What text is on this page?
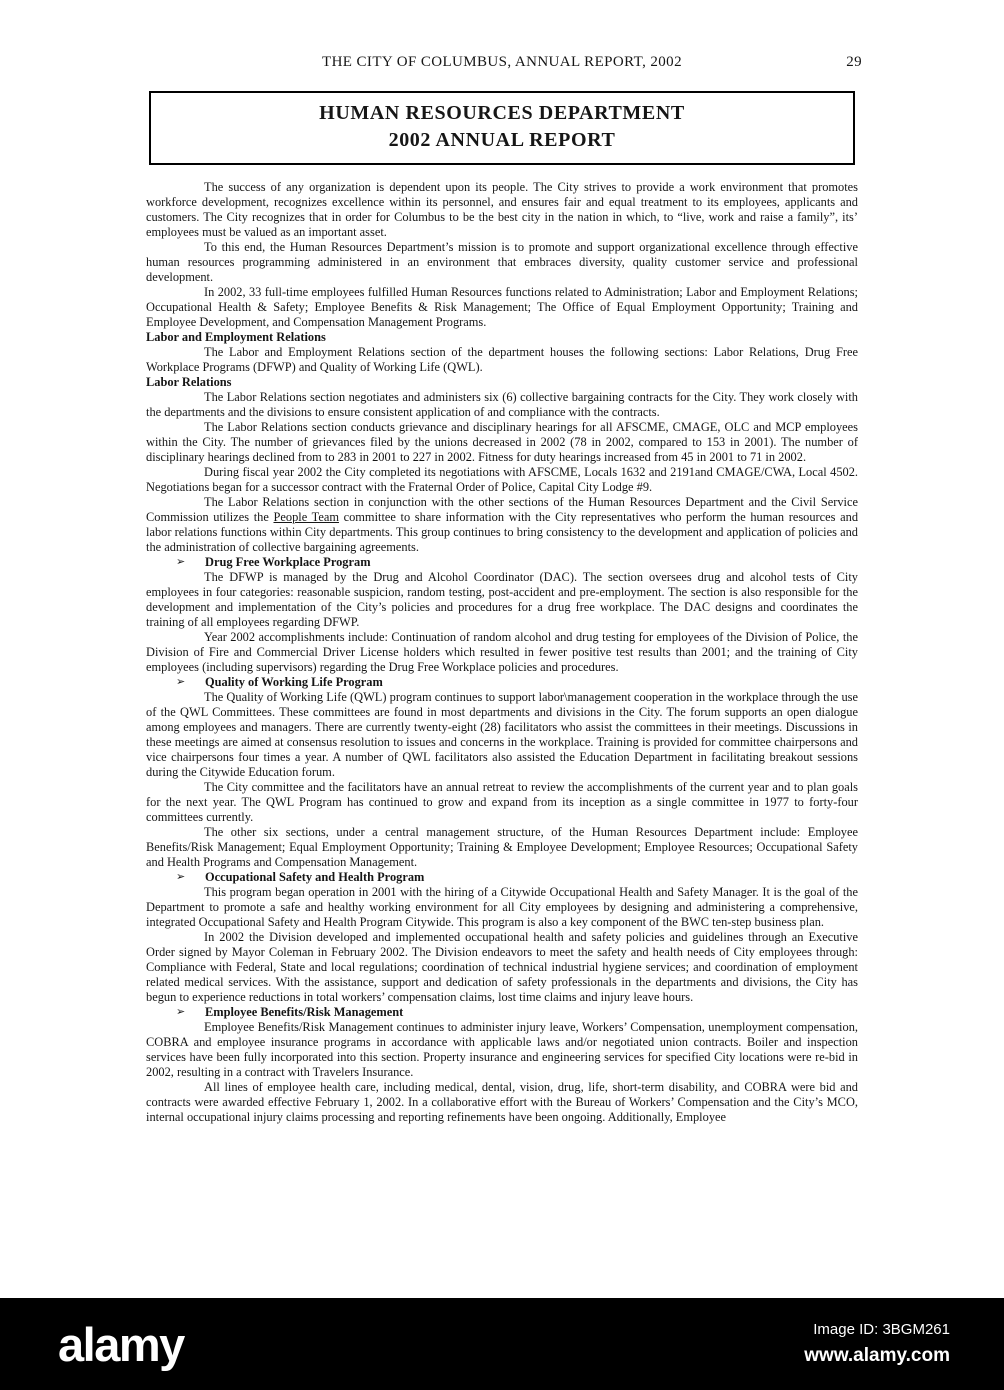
THE CITY OF COLUMBUS, ANNUAL REPORT, 2002	29
HUMAN RESOURCES DEPARTMENT
2002 ANNUAL REPORT
The success of any organization is dependent upon its people. The City strives to provide a work environment that promotes workforce development, recognizes excellence within its personnel, and ensures fair and equal treatment to its employees, applicants and customers. The City recognizes that in order for Columbus to be the best city in the nation in which, to “live, work and raise a family”, its’ employees must be valued as an important asset.
To this end, the Human Resources Department’s mission is to promote and support organizational excellence through effective human resources programming administered in an environment that embraces diversity, quality customer service and professional development.
In 2002, 33 full-time employees fulfilled Human Resources functions related to Administration; Labor and Employment Relations; Occupational Health & Safety; Employee Benefits & Risk Management; The Office of Equal Employment Opportunity; Training and Employee Development, and Compensation Management Programs.
Labor and Employment Relations
The Labor and Employment Relations section of the department houses the following sections: Labor Relations, Drug Free Workplace Programs (DFWP) and Quality of Working Life (QWL).
Labor Relations
The Labor Relations section negotiates and administers six (6) collective bargaining contracts for the City. They work closely with the departments and the divisions to ensure consistent application of and compliance with the contracts.
The Labor Relations section conducts grievance and disciplinary hearings for all AFSCME, CMAGE, OLC and MCP employees within the City. The number of grievances filed by the unions decreased in 2002 (78 in 2002, compared to 153 in 2001). The number of disciplinary hearings declined from to 283 in 2001 to 227 in 2002. Fitness for duty hearings increased from 45 in 2001 to 71 in 2002.
During fiscal year 2002 the City completed its negotiations with AFSCME, Locals 1632 and 2191and CMAGE/CWA, Local 4502. Negotiations began for a successor contract with the Fraternal Order of Police, Capital City Lodge #9.
The Labor Relations section in conjunction with the other sections of the Human Resources Department and the Civil Service Commission utilizes the People Team committee to share information with the City representatives who perform the human resources and labor relations functions within City departments. This group continues to bring consistency to the development and application of policies and the administration of collective bargaining agreements.
➢ Drug Free Workplace Program
The DFWP is managed by the Drug and Alcohol Coordinator (DAC). The section oversees drug and alcohol tests of City employees in four categories: reasonable suspicion, random testing, post-accident and pre-employment. The section is also responsible for the development and implementation of the City’s policies and procedures for a drug free workplace. The DAC designs and coordinates the training of all employees regarding DFWP.
Year 2002 accomplishments include: Continuation of random alcohol and drug testing for employees of the Division of Police, the Division of Fire and Commercial Driver License holders which resulted in fewer positive test results than 2001; and the training of City employees (including supervisors) regarding the Drug Free Workplace policies and procedures.
➢ Quality of Working Life Program
The Quality of Working Life (QWL) program continues to support labor\management cooperation in the workplace through the use of the QWL Committees. These committees are found in most departments and divisions in the City. The forum supports an open dialogue among employees and managers. There are currently twenty-eight (28) facilitators who assist the committees in their meetings. Discussions in these meetings are aimed at consensus resolution to issues and concerns in the workplace. Training is provided for committee chairpersons and vice chairpersons four times a year. A number of QWL facilitators also assisted the Education Department in facilitating breakout sessions during the Citywide Education forum.
The City committee and the facilitators have an annual retreat to review the accomplishments of the current year and to plan goals for the next year. The QWL Program has continued to grow and expand from its inception as a single committee in 1977 to forty-four committees currently.
The other six sections, under a central management structure, of the Human Resources Department include: Employee Benefits/Risk Management; Equal Employment Opportunity; Training & Employee Development; Employee Resources; Occupational Safety and Health Programs and Compensation Management.
➢ Occupational Safety and Health Program
This program began operation in 2001 with the hiring of a Citywide Occupational Health and Safety Manager. It is the goal of the Department to promote a safe and healthy working environment for all City employees by designing and administering a comprehensive, integrated Occupational Safety and Health Program Citywide. This program is also a key component of the BWC ten-step business plan.
In 2002 the Division developed and implemented occupational health and safety policies and guidelines through an Executive Order signed by Mayor Coleman in February 2002. The Division endeavors to meet the safety and health needs of City employees through: Compliance with Federal, State and local regulations; coordination of technical industrial hygiene services; and coordination of employment related medical services. With the assistance, support and dedication of safety professionals in the departments and divisions, the City has begun to experience reductions in total workers’ compensation claims, lost time claims and injury leave hours.
➢ Employee Benefits/Risk Management
Employee Benefits/Risk Management continues to administer injury leave, Workers’ Compensation, unemployment compensation, COBRA and employee insurance programs in accordance with applicable laws and/or negotiated union contracts. Boiler and inspection services have been fully incorporated into this section. Property insurance and engineering services for specified City locations were re-bid in 2002, resulting in a contract with Travelers Insurance.
All lines of employee health care, including medical, dental, vision, drug, life, short-term disability, and COBRA were bid and contracts were awarded effective February 1, 2002. In a collaborative effort with the Bureau of Workers’ Compensation and the City’s MCO, internal occupational injury claims processing and reporting refinements have been ongoing. Additionally, Employee
alamy	Image ID: 3BGM261
www.alamy.com
